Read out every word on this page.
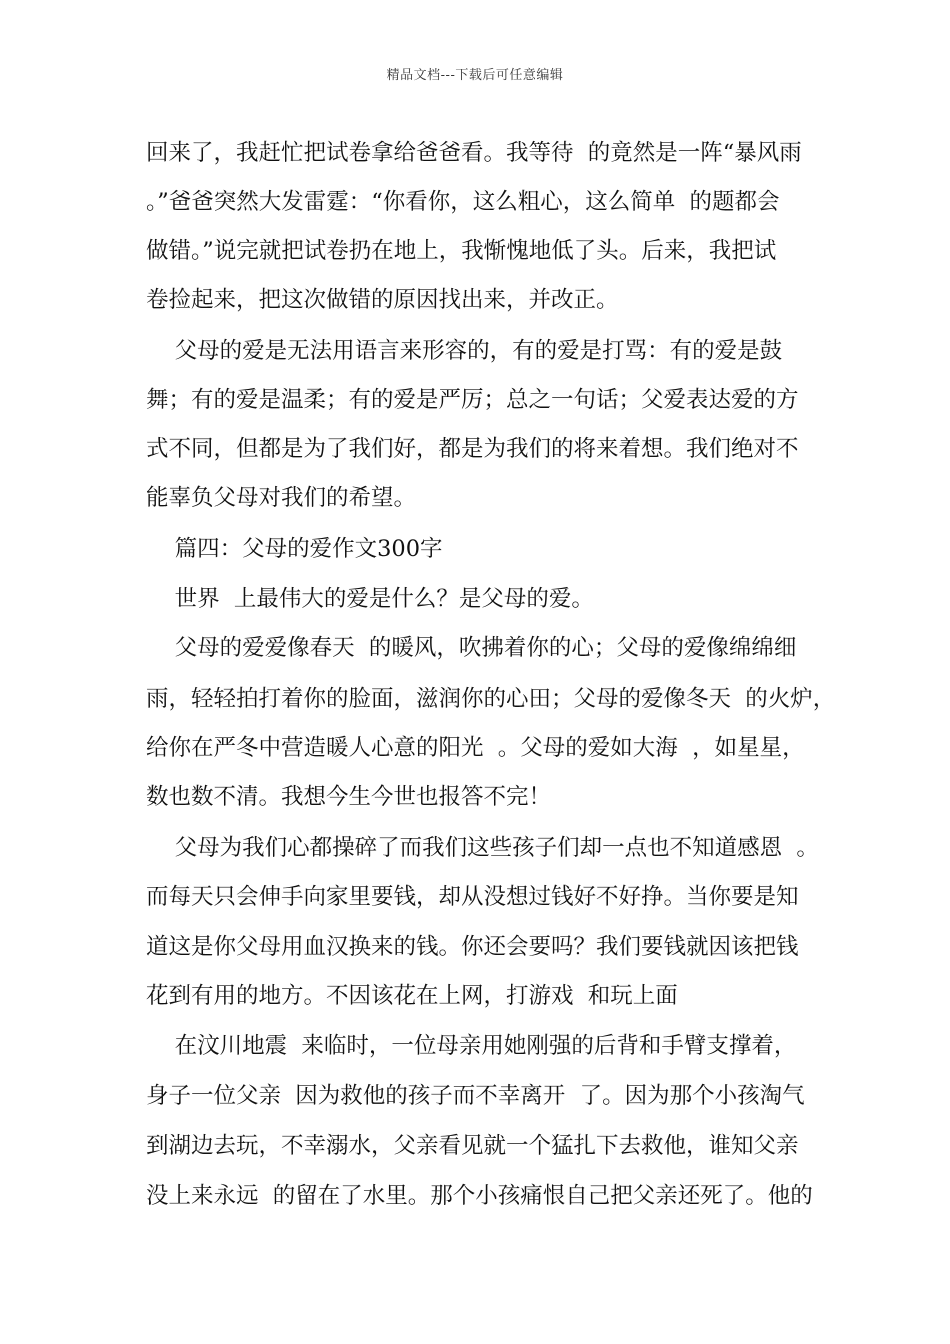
精品文档---下载后可任意编辑
回来了，我赶忙把试卷拿给爸爸看。我等待  的竟然是一阵“暴风雨
。”爸爸突然大发雷霆：“你看你，这么粗心，这么简单  的题都会
做错。”说完就把试卷扔在地上，我惭愧地低了头。后来，我把试
卷捡起来，把这次做错的原因找出来，并改正。
父母的爱是无法用语言来形容的，有的爱是打骂：有的爱是鼓
舞；有的爱是温柔；有的爱是严厉；总之一句话；父爱表达爱的方
式不同，但都是为了我们好，都是为我们的将来着想。我们绝对不
能辜负父母对我们的希望。
篇四：父母的爱作文300字
世界  上最伟大的爱是什么？是父母的爱。
父母的爱爱像春天  的暖风，吹拂着你的心；父母的爱像绵绵细
雨，轻轻拍打着你的脸面，滋润你的心田；父母的爱像冬天  的火炉，
给你在严冬中营造暖人心意的阳光  。父母的爱如大海  ，如星星，
数也数不清。我想今生今世也报答不完！
父母为我们心都操碎了而我们这些孩子们却一点也不知道感恩  。
而每天只会伸手向家里要钱，却从没想过钱好不好挣。当你要是知
道这是你父母用血汉换来的钱。你还会要吗？我们要钱就因该把钱
花到有用的地方。不因该花在上网，打游戏  和玩上面
在汶川地震  来临时，一位母亲用她刚强的后背和手臂支撑着，
身子一位父亲  因为救他的孩子而不幸离开  了。因为那个小孩淘气
到湖边去玩，不幸溺水，父亲看见就一个猛扎下去救他，谁知父亲
没上来永远  的留在了水里。那个小孩痛恨自己把父亲还死了。他的
